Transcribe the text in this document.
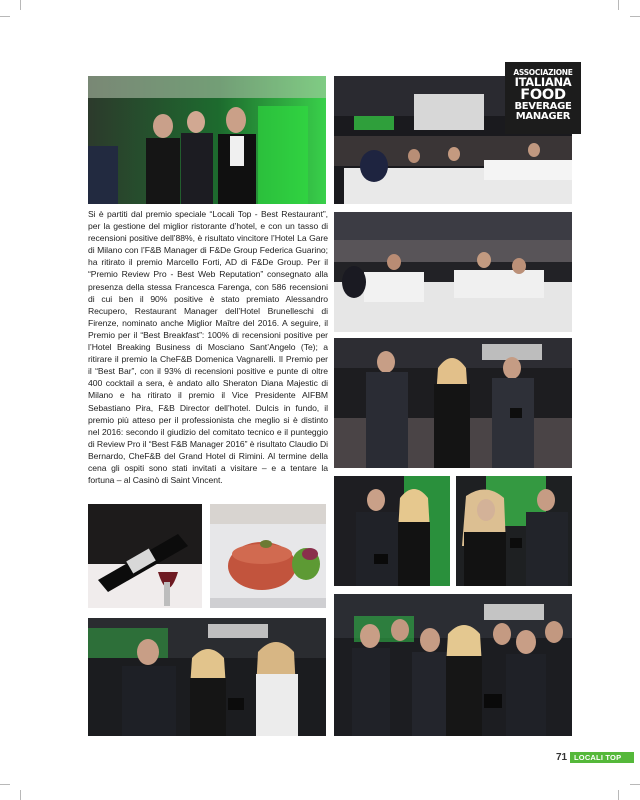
ASSOCIAZIONE
ITALIANA
FOOD
BEVERAGE
MANAGER
Si è partiti dal premio speciale “Locali Top - Best Restaurant”, per la gestione del miglior ristorante d’hotel, e con un tasso di recensioni positive dell’88%, è risultato vincitore l’Hotel La Gare di Milano con l’F&B Manager di F&De Group Federica Guarino; ha ritirato il premio Marcello Forti, AD di F&De Group. Per il “Premio Review Pro - Best Web Reputation” consegnato alla presenza della stessa Francesca Farenga, con 586 recensioni di cui ben il 90% positive è stato premiato Alessandro Recupero, Restaurant Manager dell’Hotel Brunelleschi di Firenze, nominato anche Miglior Maître del 2016. A seguire, il Premio per il “Best Breakfast”: 100% di recensioni positive per l’Hotel Breaking Business di Mosciano Sant’Angelo (Te); a ritirare il premio la CheF&B Domenica Vagnarelli. Il Premio per il “Best Bar”, con il 93% di recensioni positive e punte di oltre 400 cocktail a sera, è andato allo Sheraton Diana Majestic di Milano e ha ritirato il premio il Vice Presidente AIFBM Sebastiano Pira, F&B Director dell’hotel. Dulcis in fundo, il premio più atteso per il professionista che meglio si è distinto nel 2016: secondo il giudizio del comitato tecnico e il punteggio di Review Pro il “Best F&B Manager 2016” è risultato Claudio Di Bernardo, CheF&B del Grand Hotel di Rimini. Al termine della cena gli ospiti sono stati invitati a visitare – e a tentare la fortuna – al Casinò di Saint Vincent.
71 LOCALI TOP
